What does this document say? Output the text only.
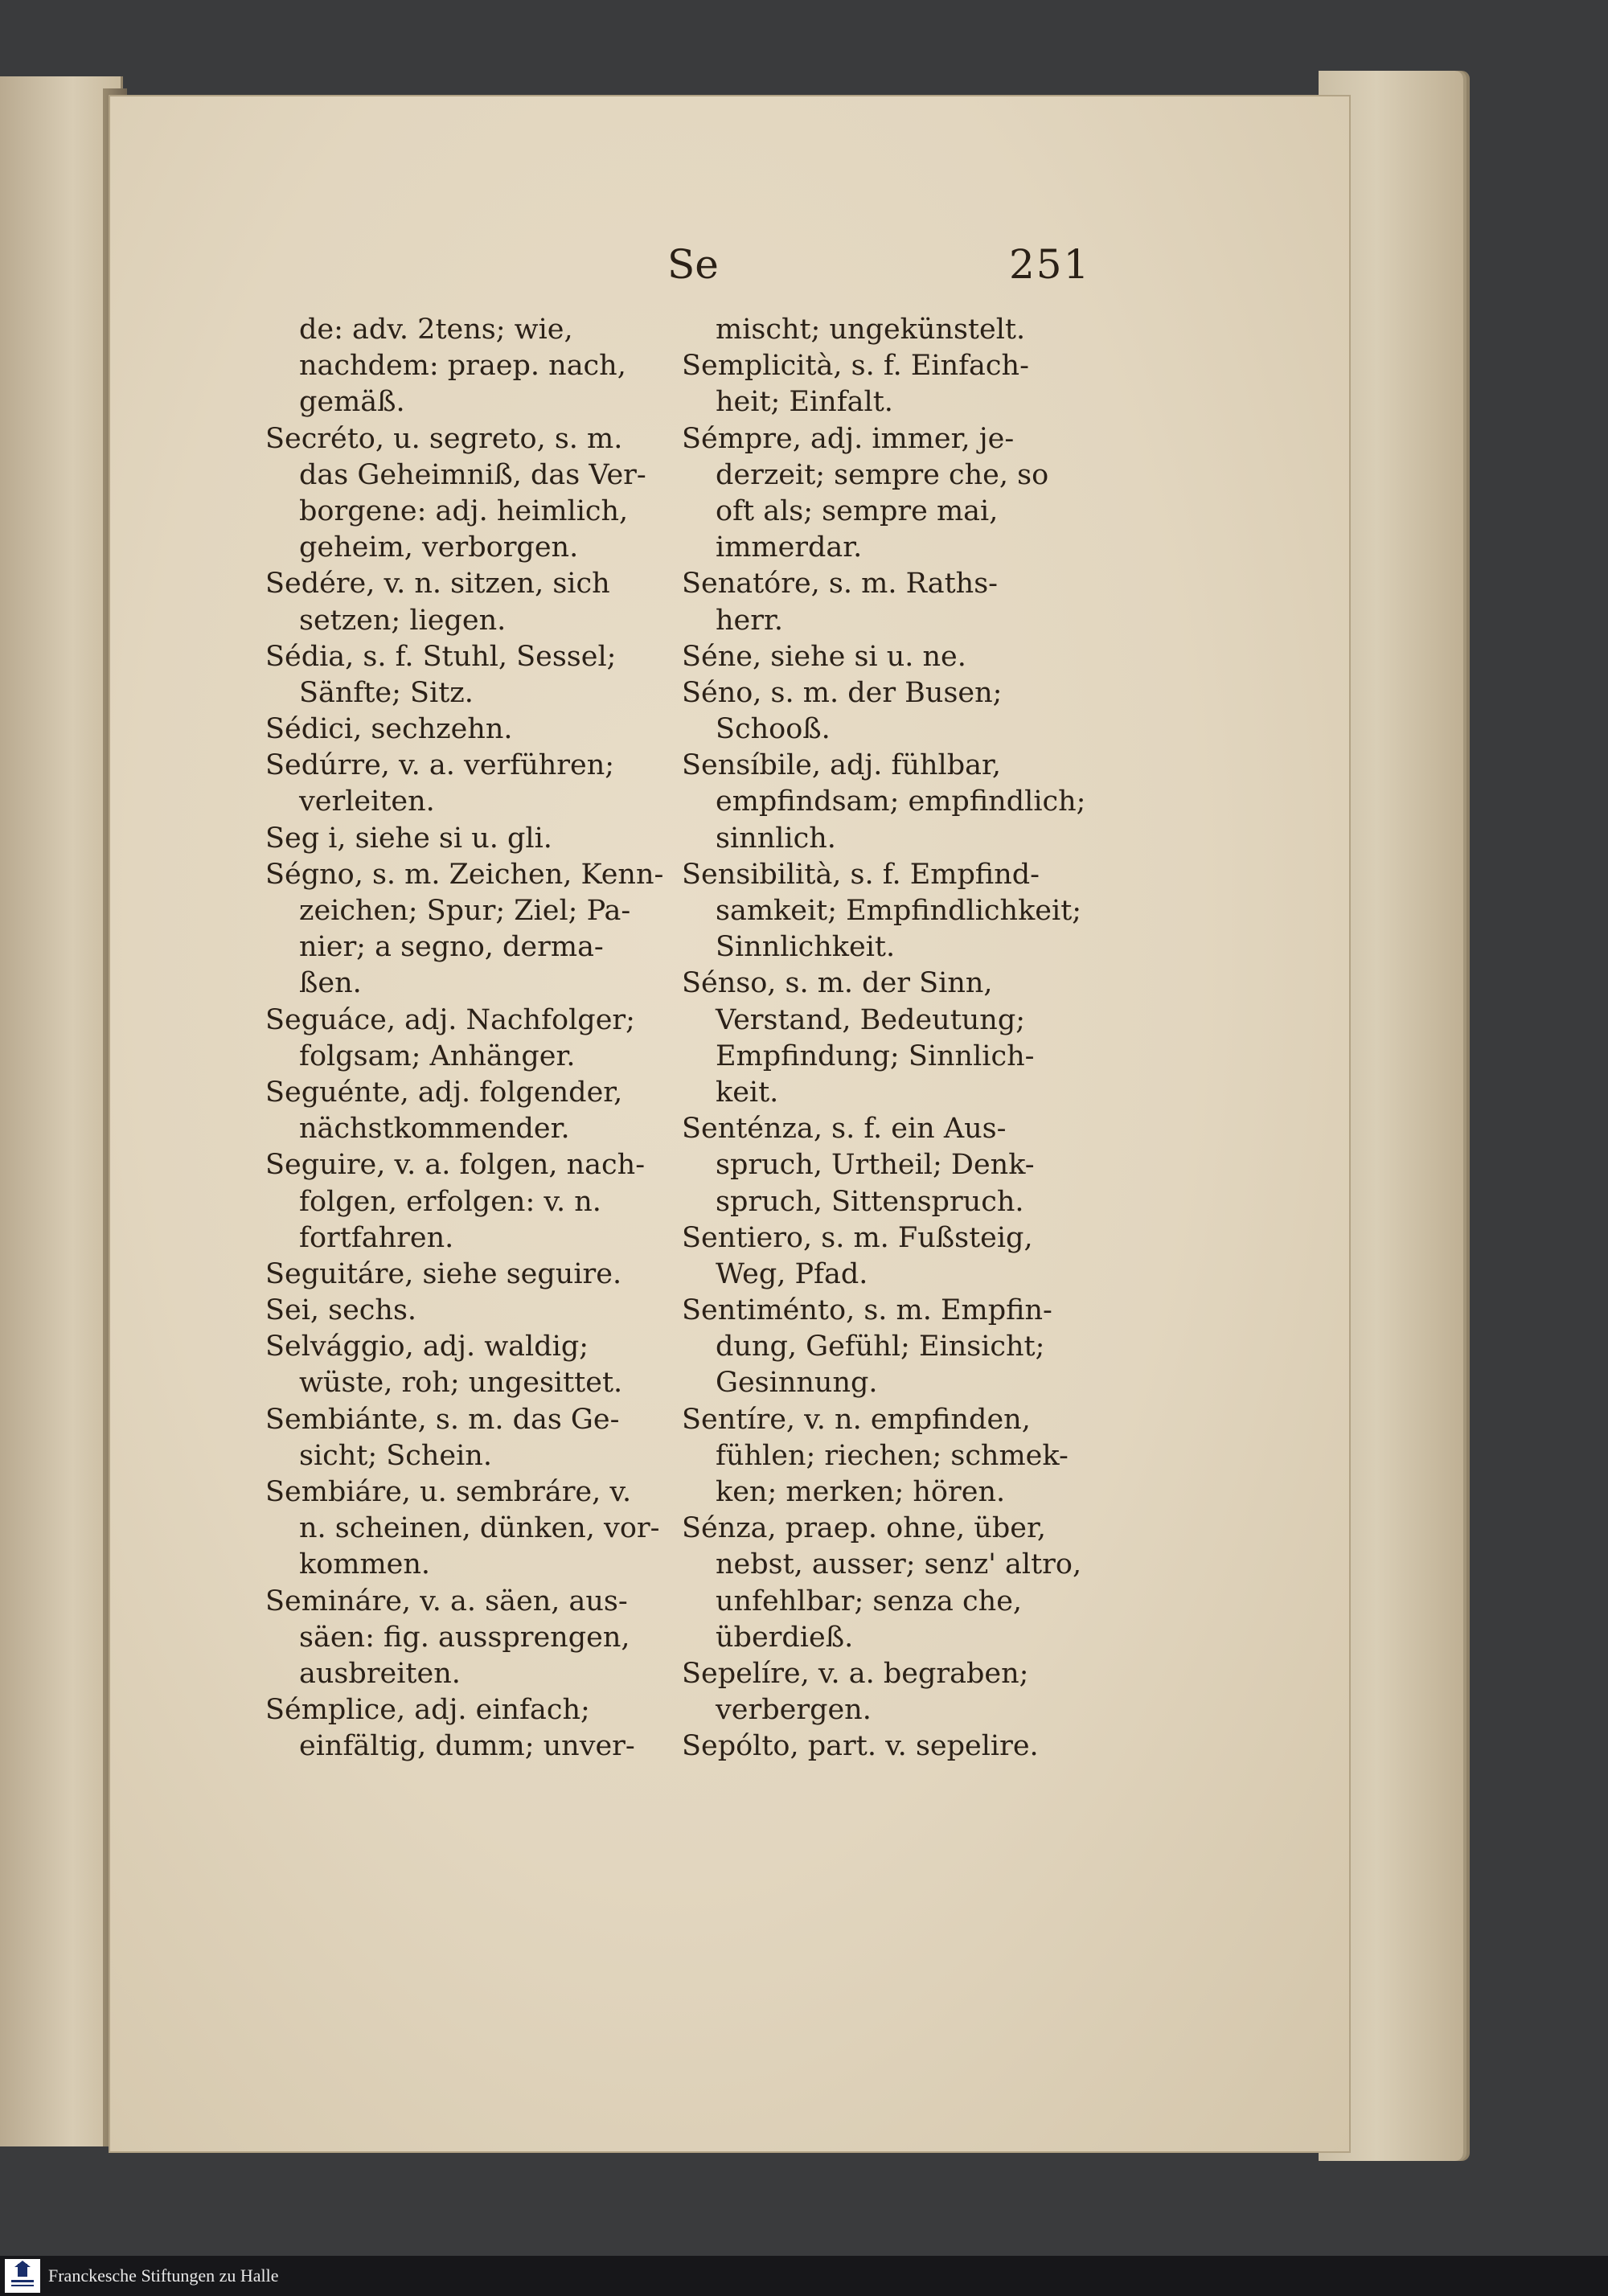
Se	251
de: adv. 2tens; wie,
nachdem: praep. nach,
gemäß.
Secréto, u. segreto, s. m.
das Geheimniß, das Ver-
borgene: adj. heimlich,
geheim, verborgen.
Sedére, v. n. sitzen, sich
setzen; liegen.
Sédia, s. f. Stuhl, Sessel;
Sänfte; Sitz.
Sédici, sechzehn.
Sedúrre, v. a. verführen;
verleiten.
Seg i, siehe si u. gli.
Ségno, s. m. Zeichen, Kenn-
zeichen; Spur; Ziel; Pa-
nier; a segno, derma-
ßen.
Seguáce, adj. Nachfolger;
folgsam; Anhänger.
Seguénte, adj. folgender,
nächstkommender.
Seguire, v. a. folgen, nach-
folgen, erfolgen: v. n.
fortfahren.
Seguitáre, siehe seguire.
Sei, sechs.
Selvággio, adj. waldig;
wüste, roh; ungesittet.
Sembiánte, s. m. das Ge-
sicht; Schein.
Sembiáre, u. sembráre, v.
n. scheinen, dünken, vor-
kommen.
Semináre, v. a. säen, aus-
säen: fig. aussprengen,
ausbreiten.
Sémplice, adj. einfach;
einfältig, dumm; unver-
mischt; ungekünstelt.
Semplicità, s. f. Einfach-
heit; Einfalt.
Sémpre, adj. immer, je-
derzeit; sempre che, so
oft als; sempre mai,
immerdar.
Senatóre, s. m. Raths-
herr.
Séne, siehe si u. ne.
Séno, s. m. der Busen;
Schooß.
Sensíbile, adj. fühlbar,
empfindsam; empfindlich;
sinnlich.
Sensibilità, s. f. Empfind-
samkeit; Empfindlichkeit;
Sinnlichkeit.
Sénso, s. m. der Sinn,
Verstand, Bedeutung;
Empfindung; Sinnlich-
keit.
Senténza, s. f. ein Aus-
spruch, Urtheil; Denk-
spruch, Sittenspruch.
Sentiero, s. m. Fußsteig,
Weg, Pfad.
Sentiménto, s. m. Empfin-
dung, Gefühl; Einsicht;
Gesinnung.
Sentíre, v. n. empfinden,
fühlen; riechen; schmek-
ken; merken; hören.
Sénza, praep. ohne, über,
nebst, ausser; senz' altro,
unfehlbar; senza che,
überdieß.
Sepelíre, v. a. begraben;
verbergen.
Sepólto, part. v. sepelire.
Franckesche Stiftungen zu Halle
